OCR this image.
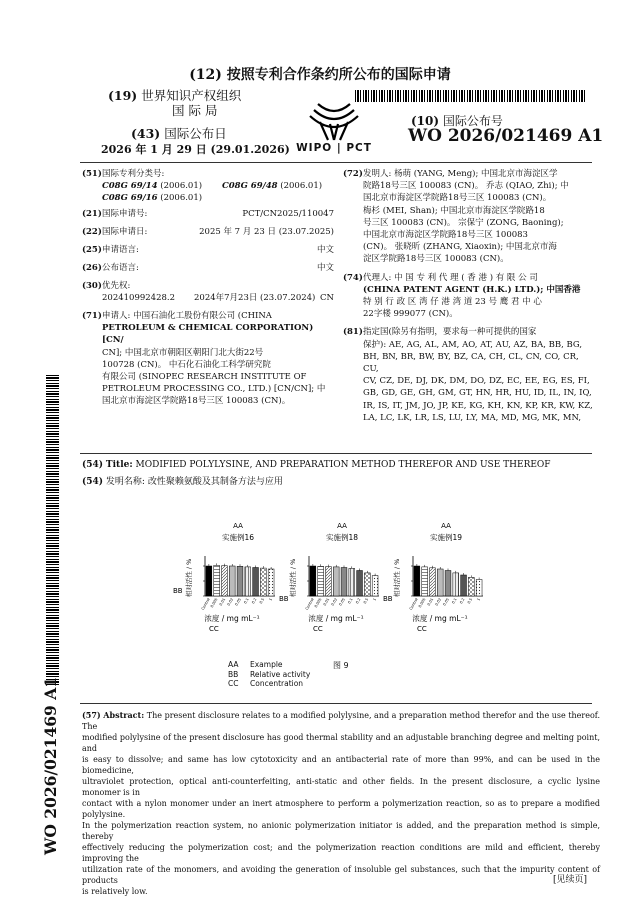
(12) 按照专利合作条约所公布的国际申请
(19) 世界知识产权组织
国 际 局
(43) 国际公布日
2026 年 1 月 29 日 (29.01.2026) WIPO | PCT
(10) 国际公布号
WO 2026/021469 A1
(51) 国际专利分类号:
C08G 69/14 (2006.01) C08G 69/48 (2006.01)
C08G 69/16 (2006.01)
(21) 国际申请号:	PCT/CN2025/110047
(22) 国际申请日:	2025 年 7 月 23 日 (23.07.2025)
(25) 申请语言:	中文
(26) 公布语言:	中文
(30) 优先权:
202410992428.2 2024年7月23日 (23.07.2024) CN
(71) 申请人: 中国石油化工股份有限公司 (CHINA
PETROLEUM & CHEMICAL CORPORATION) [CN/
CN]; 中国北京市朝阳区朝阳门北大街22号
100728 (CN)。 中石化石油化工科学研究院
有限公司 (SINOPEC RESEARCH INSTITUTE OF
PETROLEUM PROCESSING CO., LTD.) [CN/CN]; 中
国北京市海淀区学院路18号三区 100083 (CN)。
(72) 发明人: 杨萌 (YANG, Meng); 中国北京市海淀区学
院路18号三区 100083 (CN)。 乔志 (QIAO, Zhi); 中
国北京市海淀区学院路18号三区 100083 (CN)。
梅杉 (MEI, Shan); 中国北京市海淀区学院路18
号三区 100083 (CN)。 宗保宁 (ZONG, Baoning);
中国北京市海淀区学院路18号三区 100083
(CN)。 张晓昕 (ZHANG, Xiaoxin); 中国北京市海
淀区学院路18号三区 100083 (CN)。
(74) 代理人: 中 国 专 利 代 理 ( 香 港 ) 有 限 公 司
(CHINA PATENT AGENT (H.K.) LTD.); 中国香港
特 别 行 政 区 湾 仔 港 湾 道 23 号 鹰 君 中 心
22字楼 999077 (CN)。
(81) 指定国(除另有指明，要求每一种可提供的国家
保护): AE, AG, AL, AM, AO, AT, AU, AZ, BA, BB, BG,
BH, BN, BR, BW, BY, BZ, CA, CH, CL, CN, CO, CR, CU,
CV, CZ, DE, DJ, DK, DM, DO, DZ, EC, EE, EG, ES, FI,
GB, GD, GE, GH, GM, GT, HN, HR, HU, ID, IL, IN, IQ,
IR, IS, IT, JM, JO, JP, KE, KG, KH, KN, KP, KR, KW, KZ,
LA, LC, LK, LR, LS, LU, LY, MA, MD, MG, MK, MN,
(54) Title: MODIFIED POLYLYSINE, AND PREPARATION METHOD THEREFOR AND USE THEREOF
(54) 发明名称: 改性聚赖氨酸及其制备方法与应用
AA
实施例16
相对活性 / %
BB
Control 0.005 0.01 0.02 0.05 0.1 0.2 0.5 1
浓度 / mg mL⁻¹
CC
AA
实施例18
相对活性 / %
BB	Control 0.005 0.01 0.02 0.05 0.1 0.2 0.5 1
浓度 / mg mL⁻¹
CC
AA
实施例19
相对活性 / %
BB	Control 0.005 0.01 0.02 0.05 0.1 0.2 0.5 1
浓度 / mg mL⁻¹
CC
图 9
AA Example
BB Relative activity
CC Concentration
(57) Abstract: The present disclosure relates to a modified polylysine, and a preparation method therefor and the use thereof. The
modified polylysine of the present disclosure has good thermal stability and an adjustable branching degree and melting point, and
is easy to dissolve; and same has low cytotoxicity and an antibacterial rate of more than 99%, and can be used in the biomedicine,
ultraviolet protection, optical anti-counterfeiting, anti-static and other fields. In the present disclosure, a cyclic lysine monomer is in
contact with a nylon monomer under an inert atmosphere to perform a polymerization reaction, so as to prepare a modified polylysine.
In the polymerization reaction system, no anionic polymerization initiator is added, and the preparation method is simple, thereby
effectively reducing the polymerization cost; and the polymerization reaction conditions are mild and efficient, thereby improving the
utilization rate of the monomers, and avoiding the generation of insoluble gel substances, such that the impurity content of products
is relatively low.
WO 2026/021469 A1
[见续页]
